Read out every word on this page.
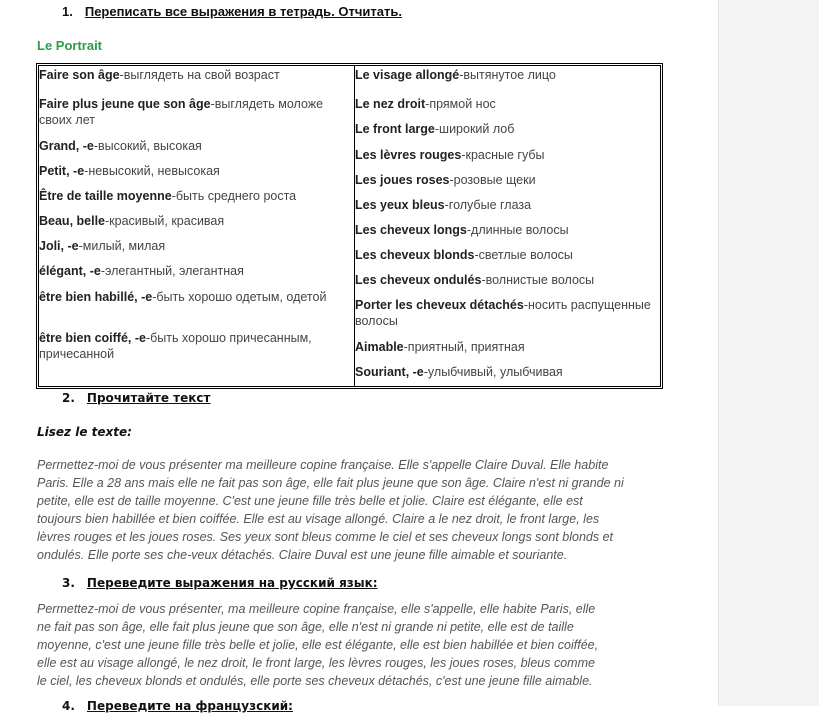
1. Переписать все выражения в тетрадь. Отчитать.
Le Portrait
Faire son âge-выглядеть на свой возраст
Faire plus jeune que son âge-выглядеть моложе своих лет
Grand, -e-высокий, высокая
Petit, -e-невысокий, невысокая
Être de taille moyenne-быть среднего роста
Beau, belle-красивый, красивая
Joli, -e-милый, милая
élégant, -e-элегантный, элегантная
être bien habillé, -e-быть хорошо одетым, одетой
être bien coiffé, -e-быть хорошо причесанным, причесанной
Le visage allongé-вытянутое лицо
Le nez droit-прямой нос
Le front large-широкий лоб
Les lèvres rouges-красные губы
Les joues roses-розовые щеки
Les yeux bleus-голубые глаза
Les cheveux longs-длинные волосы
Les cheveux blonds-светлые волосы
Les cheveux ondulés-волнистые волосы
Porter les cheveux détachés-носить распущенные волосы
Aimable-приятный, приятная
Souriant, -e-улыбчивый, улыбчивая
2. Прочитайте текст
Lisez le texte:
Permettez-moi de vous présenter ma meilleure copine française. Elle s'appelle Claire Duval. Elle habite
Paris. Elle a 28 ans mais elle ne fait pas son âge, elle fait plus jeune que son âge. Claire n'est ni grande ni
petite, elle est de taille moyenne. C'est une jeune fille très belle et jolie. Claire est élégante, elle est
toujours bien habillée et bien coiffée. Elle est au visage allongé. Claire a le nez droit, le front large, les
lèvres rouges et les joues roses. Ses yeux sont bleus comme le ciel et ses cheveux longs sont blonds et
ondulés. Elle porte ses che-veux détachés. Claire Duval est une jeune fille aimable et souriante.
3. Переведите выражения на русский язык:
Permettez-moi de vous présenter, ma meilleure copine française, elle s'appelle, elle habite Paris, elle
ne fait pas son âge, elle fait plus jeune que son âge, elle n'est ni grande ni petite, elle est de taille
moyenne, c'est une jeune fille très belle et jolie, elle est élégante, elle est bien habillée et bien coiffée,
elle est au visage allongé, le nez droit, le front large, les lèvres rouges, les joues roses, bleus comme
le ciel, les cheveux blonds et ondulés, elle porte ses cheveux détachés, c'est une jeune fille aimable.
4. Переведите на французский:
